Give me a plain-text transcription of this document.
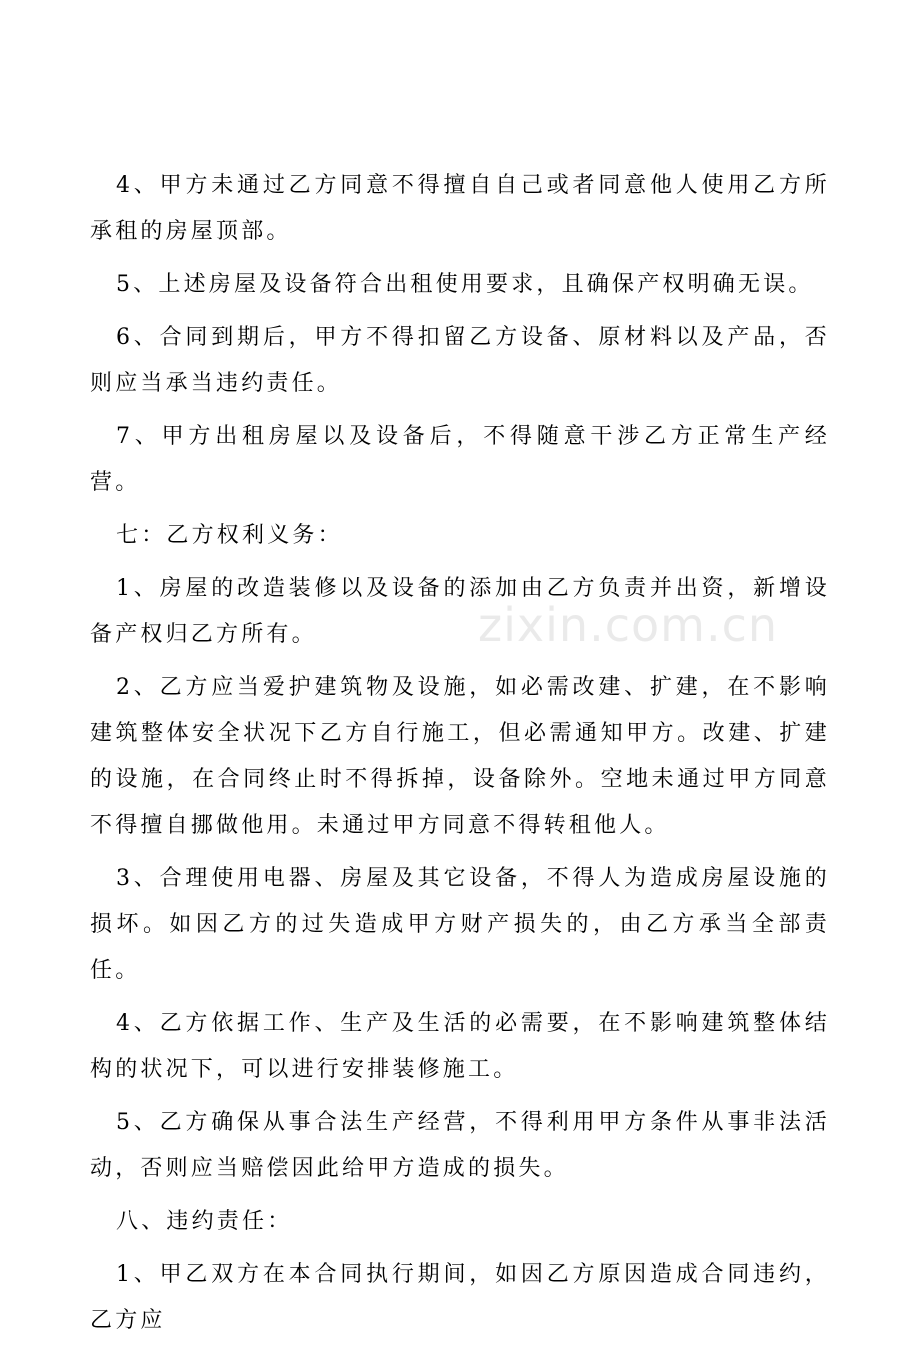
4、甲方未通过乙方同意不得擅自自己或者同意他人使用乙方所承租的房屋顶部。

5、上述房屋及设备符合出租使用要求，且确保产权明确无误。

6、合同到期后，甲方不得扣留乙方设备、原材料以及产品，否则应当承当违约责任。

7、甲方出租房屋以及设备后，不得随意干涉乙方正常生产经营。

七：乙方权利义务：

1、房屋的改造装修以及设备的添加由乙方负责并出资，新增设备产权归乙方所有。

2、乙方应当爱护建筑物及设施，如必需改建、扩建，在不影响建筑整体安全状况下乙方自行施工，但必需通知甲方。改建、扩建的设施，在合同终止时不得拆掉，设备除外。空地未通过甲方同意不得擅自挪做他用。未通过甲方同意不得转租他人。

3、合理使用电器、房屋及其它设备，不得人为造成房屋设施的损坏。如因乙方的过失造成甲方财产损失的，由乙方承当全部责任。

4、乙方依据工作、生产及生活的必需要，在不影响建筑整体结构的状况下，可以进行安排装修施工。

5、乙方确保从事合法生产经营，不得利用甲方条件从事非法活动，否则应当赔偿因此给甲方造成的损失。

八、违约责任：

1、甲乙双方在本合同执行期间，如因乙方原因造成合同违约，乙方应

zixin.com.cn
